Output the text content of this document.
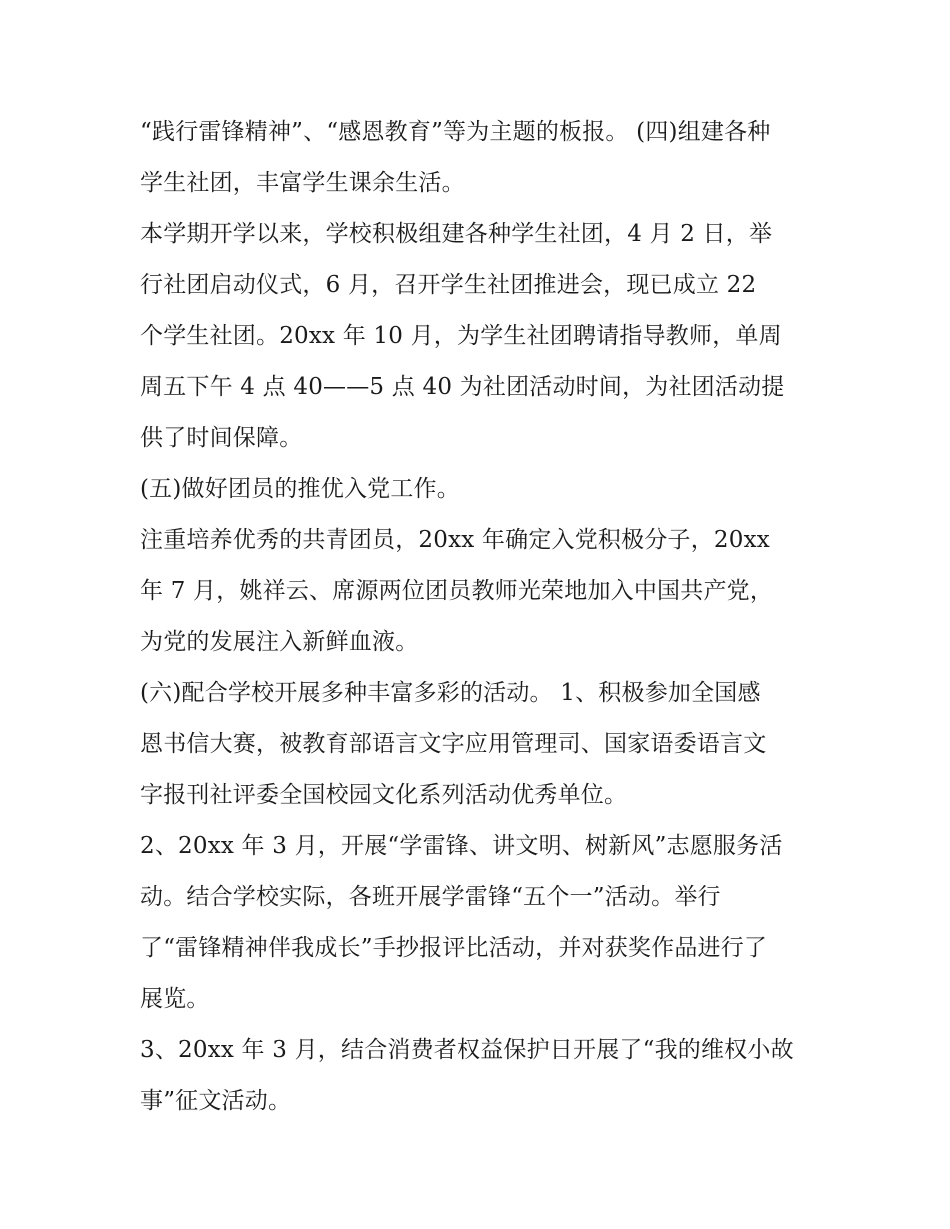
“践行雷锋精神”、“感恩教育”等为主题的板报。 (四)组建各种
学生社团，丰富学生课余生活。
本学期开学以来，学校积极组建各种学生社团，4 月 2 日，举
行社团启动仪式，6 月，召开学生社团推进会，现已成立 22
个学生社团。20xx 年 10 月，为学生社团聘请指导教师，单周
周五下午 4 点 40——5 点 40 为社团活动时间，为社团活动提
供了时间保障。
(五)做好团员的推优入党工作。
注重培养优秀的共青团员，20xx 年确定入党积极分子，20xx
年 7 月，姚祥云、席源两位团员教师光荣地加入中国共产党，
为党的发展注入新鲜血液。
(六)配合学校开展多种丰富多彩的活动。 1、积极参加全国感
恩书信大赛，被教育部语言文字应用管理司、国家语委语言文
字报刊社评委全国校园文化系列活动优秀单位。
2、20xx 年 3 月，开展“学雷锋、讲文明、树新风”志愿服务活
动。结合学校实际，各班开展学雷锋“五个一”活动。举行
了“雷锋精神伴我成长”手抄报评比活动，并对获奖作品进行了
展览。
3、20xx 年 3 月，结合消费者权益保护日开展了“我的维权小故
事”征文活动。
